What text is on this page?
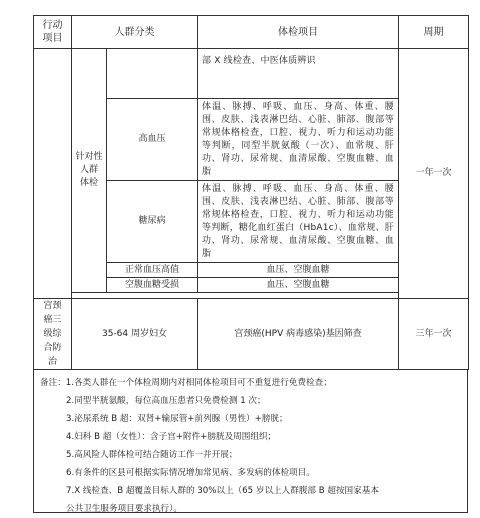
行动
项目	人群分类		体检项目	周期
	针对性
人群
体检		部 X 线检查、中医体质辨识	一年一次
		高血压	体温、脉搏、呼吸、血压、身高、体重、腰围、皮肤、浅表淋巴结、心脏、肺部、腹部等常规体格检查，口腔、视力、听力和运动功能等判断，同型半胱氨酸（一次）、血常规、肝功、肾功、尿常规、血清尿酸、空腹血糖、血脂	
		糖尿病	体温、脉搏、呼吸、血压、身高、体重、腰围、皮肤、浅表淋巴结、心脏、肺部、腹部等常规体格检查，口腔、视力、听力和运动功能等判断，糖化血红蛋白（HbA1c）、血常规、肝功、肾功、尿常规、血清尿酸、空腹血糖、血脂	
		正常血压高值	血压、空腹血糖	
		空腹血糖受损	血压、空腹血糖	

宫颈
癌三
级综
合防
治	35-64 周岁妇女		宫颈癌(HPV 病毒感染)基因筛查	三年一次
备注：1.各类人群在一个体检周期内对相同体检项目可不重复进行免费检查；
2.同型半胱氨酸，每位高血压患者只免费检测 1 次；
3.泌尿系统 B 超：双肾+输尿管+前列腺（男性）+膀胱；
4.妇科 B 超（女性）：含子宫+附件+膀胱及周围组织；
5.高风险人群体检可结合随访工作一并开展；
6.有条件的区县可根据实际情况增加常见病、多发病的体检项目。
7.X 线检查、B 超覆盖目标人群的 30%以上（65 岁以上人群腹部 B 超按国家基本
公共卫生服务项目要求执行）。
